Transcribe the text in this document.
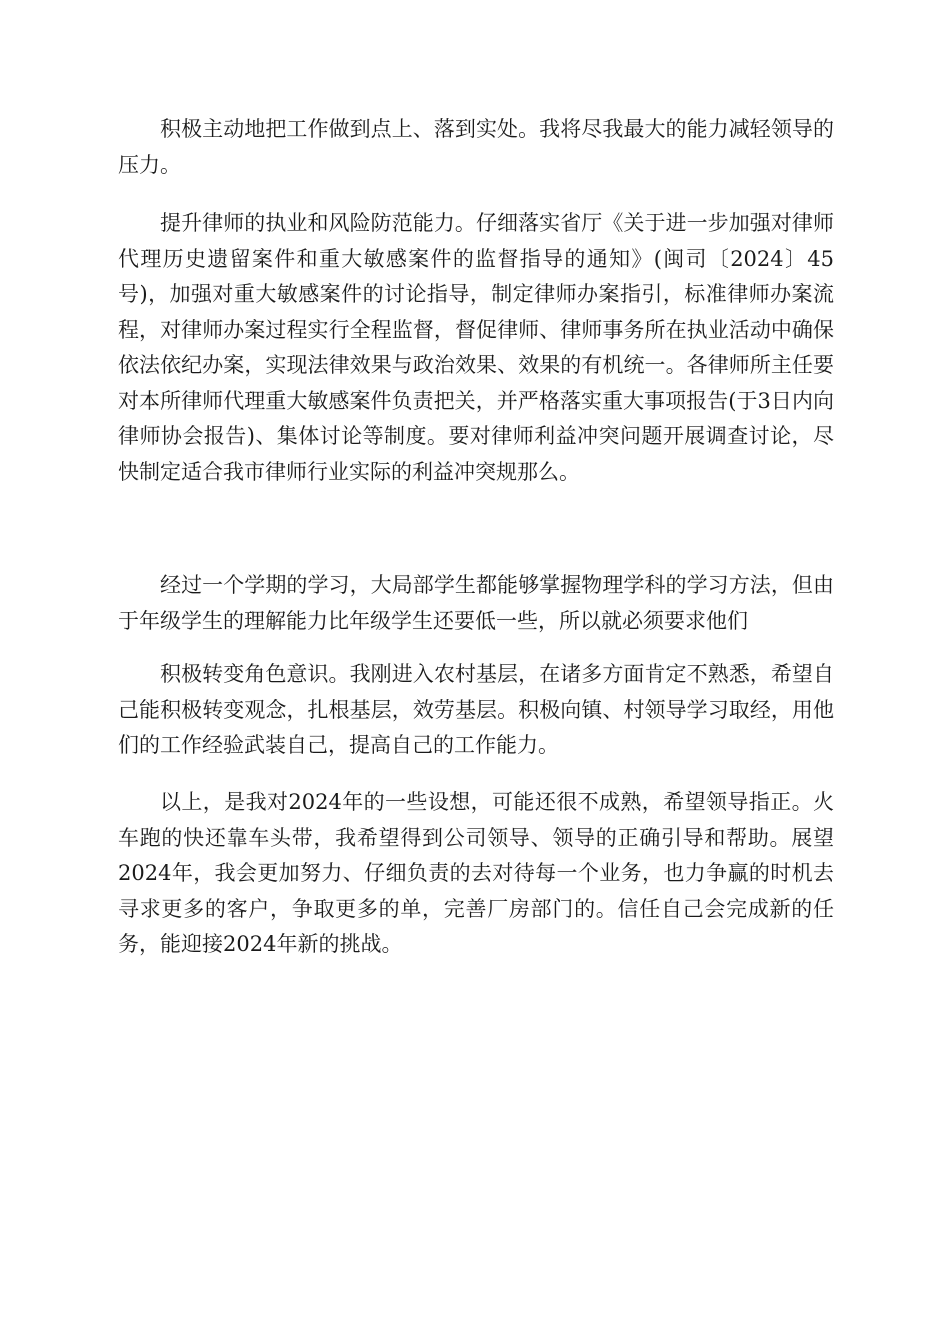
积极主动地把工作做到点上、落到实处。我将尽我最大的能力减轻领导的压力。

提升律师的执业和风险防范能力。仔细落实省厅《关于进一步加强对律师代理历史遗留案件和重大敏感案件的监督指导的通知》(闽司〔2024〕45号)，加强对重大敏感案件的讨论指导，制定律师办案指引，标准律师办案流程，对律师办案过程实行全程监督，督促律师、律师事务所在执业活动中确保依法依纪办案，实现法律效果与政治效果、效果的有机统一。各律师所主任要对本所律师代理重大敏感案件负责把关，并严格落实重大事项报告(于3日内向律师协会报告)、集体讨论等制度。要对律师利益冲突问题开展调查讨论，尽快制定适合我市律师行业实际的利益冲突规那么。

经过一个学期的学习，大局部学生都能够掌握物理学科的学习方法，但由于年级学生的理解能力比年级学生还要低一些，所以就必须要求他们

积极转变角色意识。我刚进入农村基层，在诸多方面肯定不熟悉，希望自己能积极转变观念，扎根基层，效劳基层。积极向镇、村领导学习取经，用他们的工作经验武装自己，提高自己的工作能力。

以上，是我对2024年的一些设想，可能还很不成熟，希望领导指正。火车跑的快还靠车头带，我希望得到公司领导、领导的正确引导和帮助。展望2024年，我会更加努力、仔细负责的去对待每一个业务，也力争赢的时机去寻求更多的客户，争取更多的单，完善厂房部门的。信任自己会完成新的任务，能迎接2024年新的挑战。
